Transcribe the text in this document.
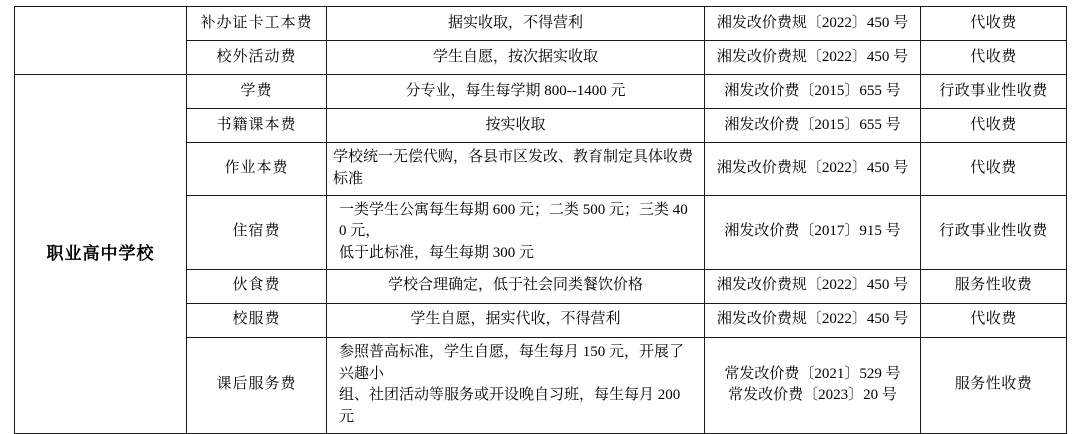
	补办证卡工本费	据实收取，不得营利	湘发改价费规〔2022〕450 号	代收费
	校外活动费	学生自愿，按次据实收取	湘发改价费规〔2022〕450 号	代收费
职业高中学校	学费	分专业，每生每学期 800--1400 元	湘发改价费〔2015〕655 号	行政事业性收费
	书籍课本费	按实收取	湘发改价费〔2015〕655 号	代收费
	作业本费	学校统一无偿代购，各县市区发改、教育制定具体收费标准	湘发改价费规〔2022〕450 号	代收费
	住宿费	一类学生公寓每生每期 600 元；二类 500 元；三类 400 元，
低于此标准，每生每期 300 元	湘发改价费〔2017〕915 号	行政事业性收费
	伙食费	学校合理确定，低于社会同类餐饮价格	湘发改价费规〔2022〕450 号	服务性收费
	校服费	学生自愿，据实代收，不得营利	湘发改价费规〔2022〕450 号	代收费
	课后服务费	参照普高标准，学生自愿，每生每月 150 元，开展了兴趣小
组、社团活动等服务或开设晚自习班，每生每月 200 元	常发改价费〔2021〕529 号
常发改价费〔2023〕20 号	服务性收费
